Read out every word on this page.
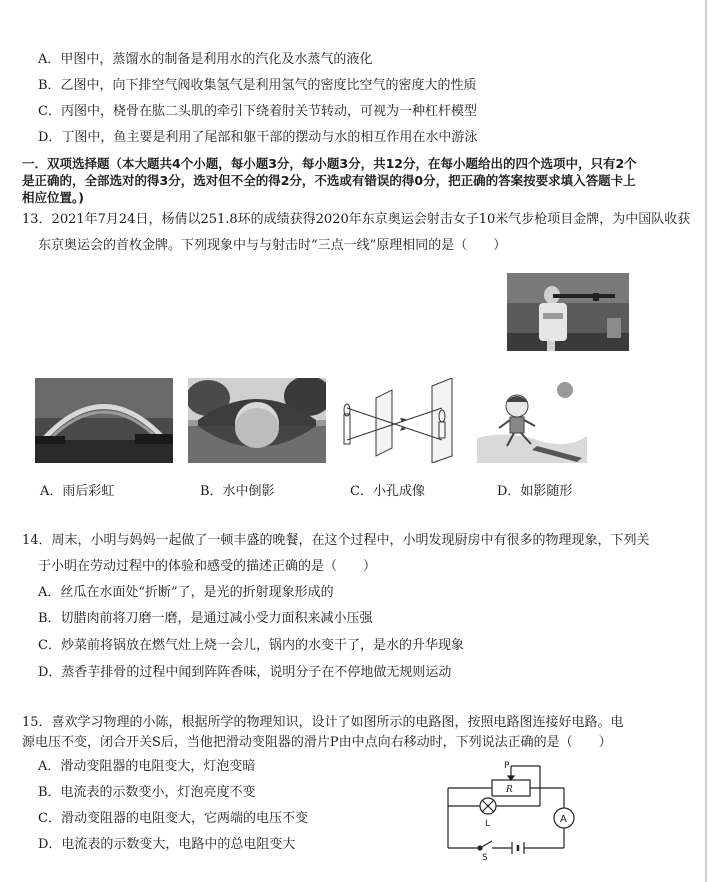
A．甲图中，蒸馏水的制备是利用水的汽化及水蒸气的液化
B．乙图中，向下排空气阀收集氢气是利用氢气的密度比空气的密度大的性质
C．丙图中，桡骨在肱二头肌的牵引下绕着肘关节转动，可视为一种杠杆模型
D．丁图中，鱼主要是利用了尾部和躯干部的摆动与水的相互作用在水中游泳
一．双项选择题（本大题共4个小题，每小题3分，每小题3分，共12分，在每小题给出的四个选项中，只有2个
是正确的，全部选对的得3分，选对但不全的得2分，不选或有错误的得0分，把正确的答案按要求填入答题卡上
相应位置。)
13．2021年7月24日，杨倩以251.8环的成绩获得2020年东京奥运会射击女子10米气步枪项目金牌，为中国队收获
东京奥运会的首枚金牌。下列现象中与与射击时“三点一线”原理相同的是（　　）
A．雨后彩虹	B．水中倒影	C．小孔成像	D．如影随形
14．周末，小明与妈妈一起做了一顿丰盛的晚餐，在这个过程中，小明发现厨房中有很多的物理现象，下列关
于小明在劳动过程中的体验和感受的描述正确的是（　　）
A．丝瓜在水面处“折断”了，是光的折射现象形成的
B．切腊肉前将刀磨一磨，是通过减小受力面积来减小压强
C．炒菜前将锅放在燃气灶上烧一会儿，锅内的水变干了，是水的升华现象
D．蒸香芋排骨的过程中闻到阵阵香味，说明分子在不停地做无规则运动
15．喜欢学习物理的小陈，根据所学的物理知识，设计了如图所示的电路图，按照电路图连接好电路。电
源电压不变，闭合开关S后，当他把滑动变阻器的滑片P由中点向右移动时，下列说法正确的是（　　）
A．滑动变阻器的电阻变大，灯泡变暗
B．电流表的示数变小，灯泡亮度不变
C．滑动变阻器的电阻变大，它两端的电压不变
D．电流表的示数变大，电路中的总电阻变大
P
R
L	A
S
